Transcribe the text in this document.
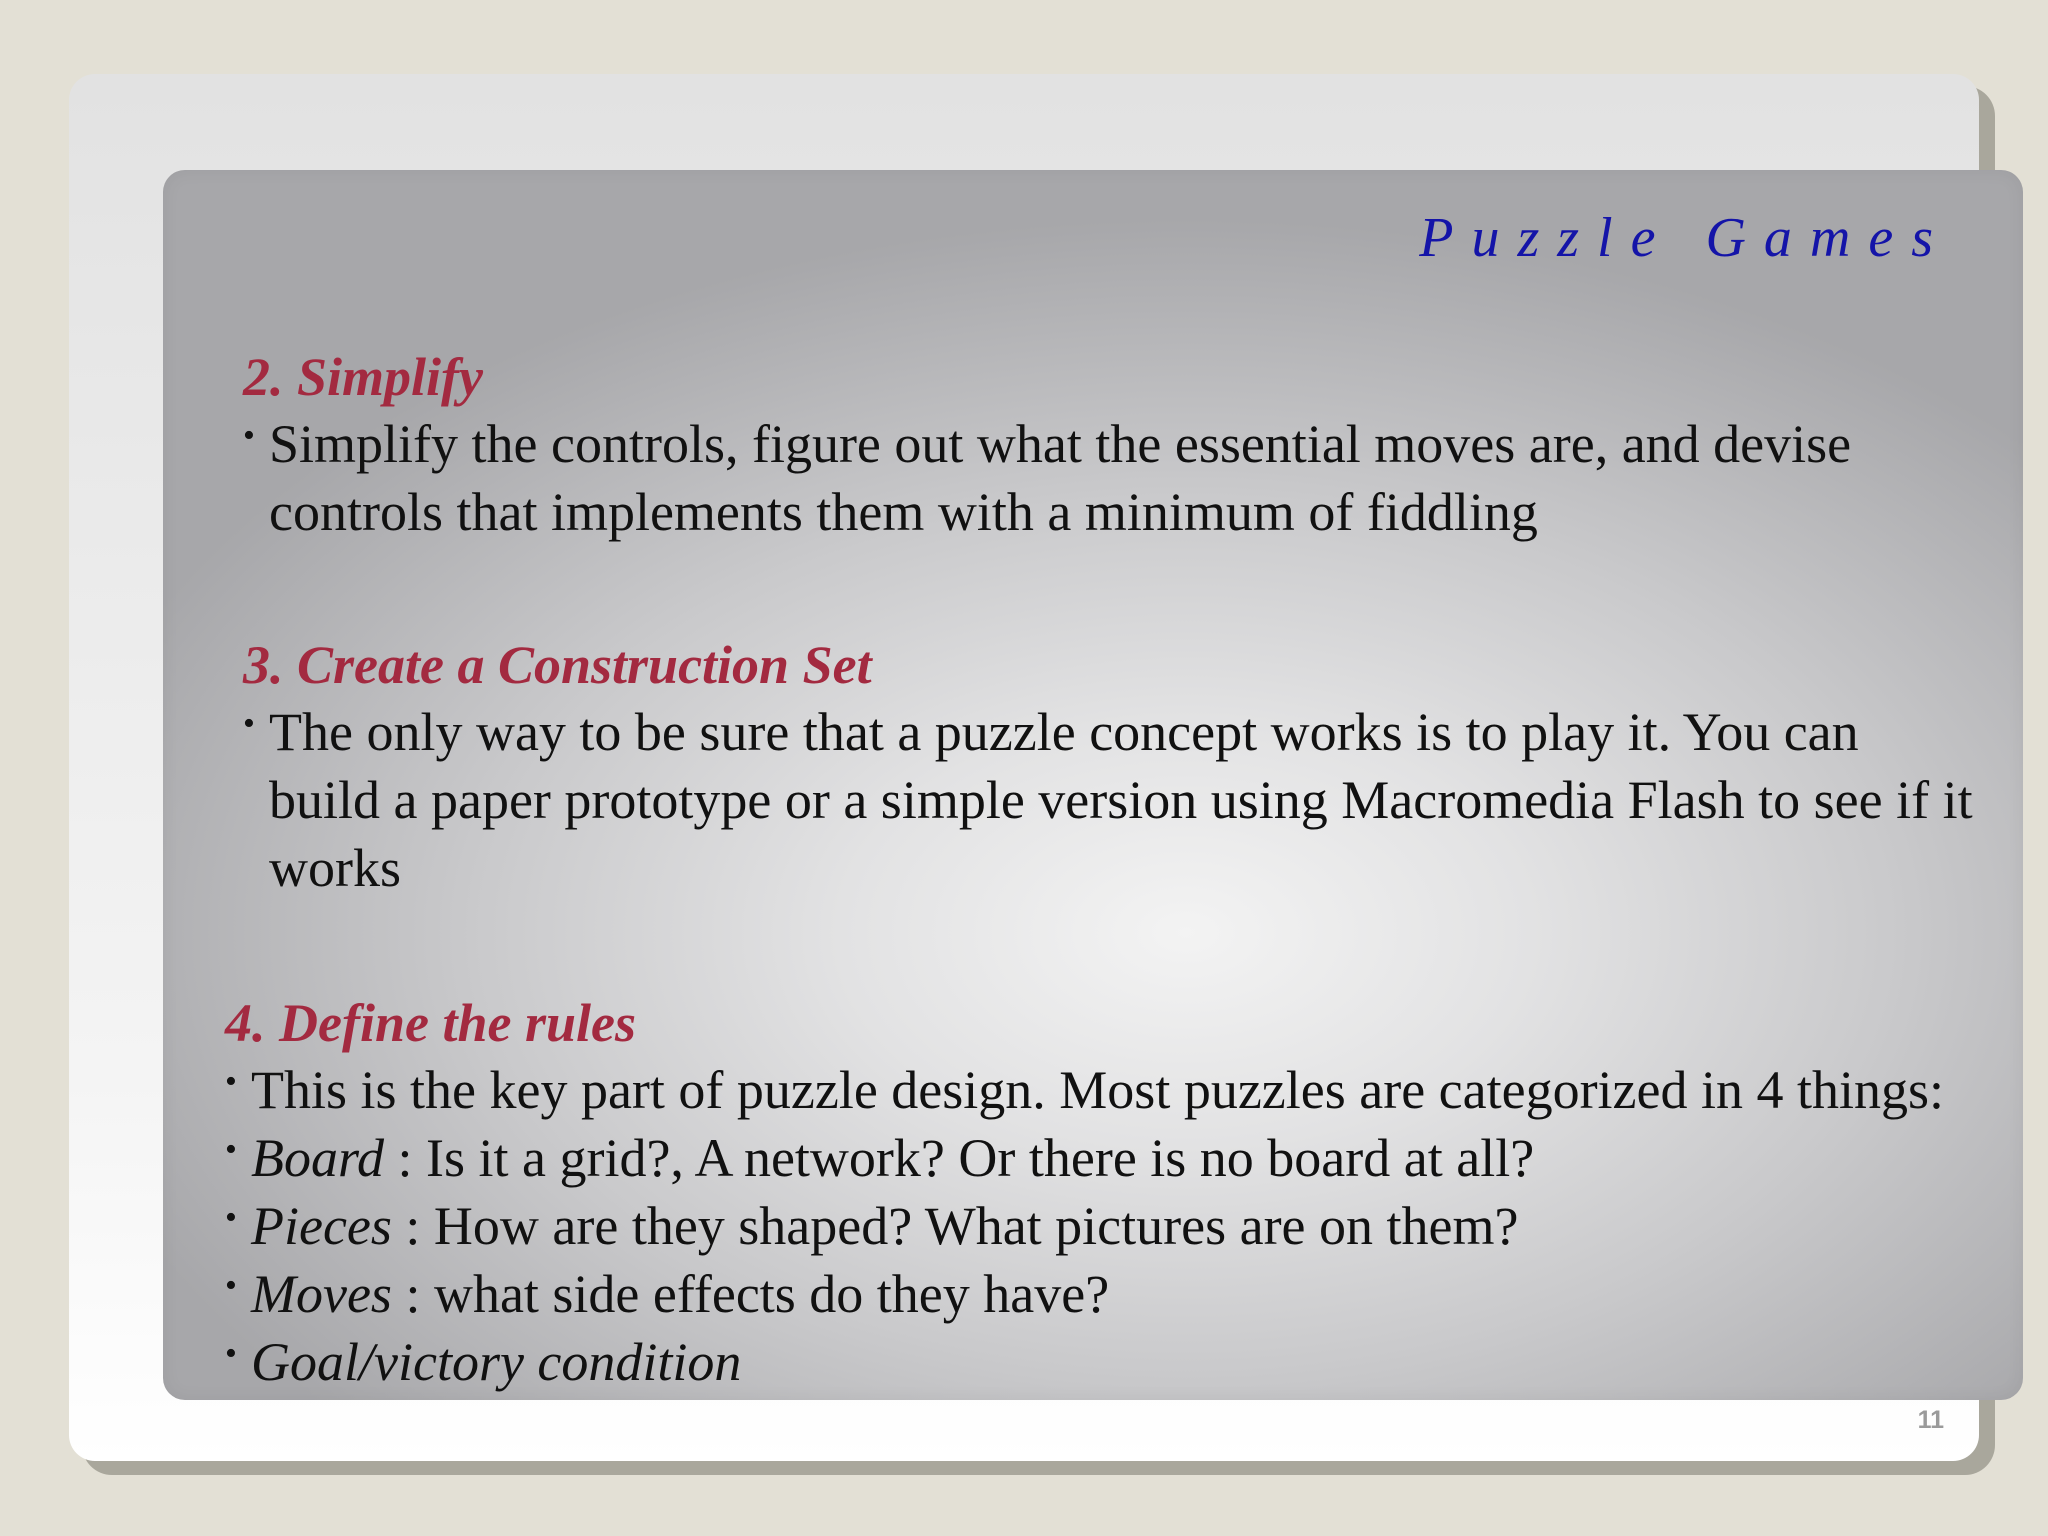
Puzzle Games
2. Simplify

• Simplify the controls, figure out what the essential moves are, and devise controls that implements them with a minimum of fiddling

3. Create a Construction Set

• The only way to be sure that a puzzle concept works is to play it. You can build a paper prototype or a simple version using Macromedia Flash to see if it works

4. Define the rules

• This is the key part of puzzle design. Most puzzles are categorized in 4 things:

• Board : Is it a grid?, A network? Or there is no board at all?

• Pieces : How are they shaped? What pictures are on them?

• Moves : what side effects do they have?

• Goal/victory condition

11
